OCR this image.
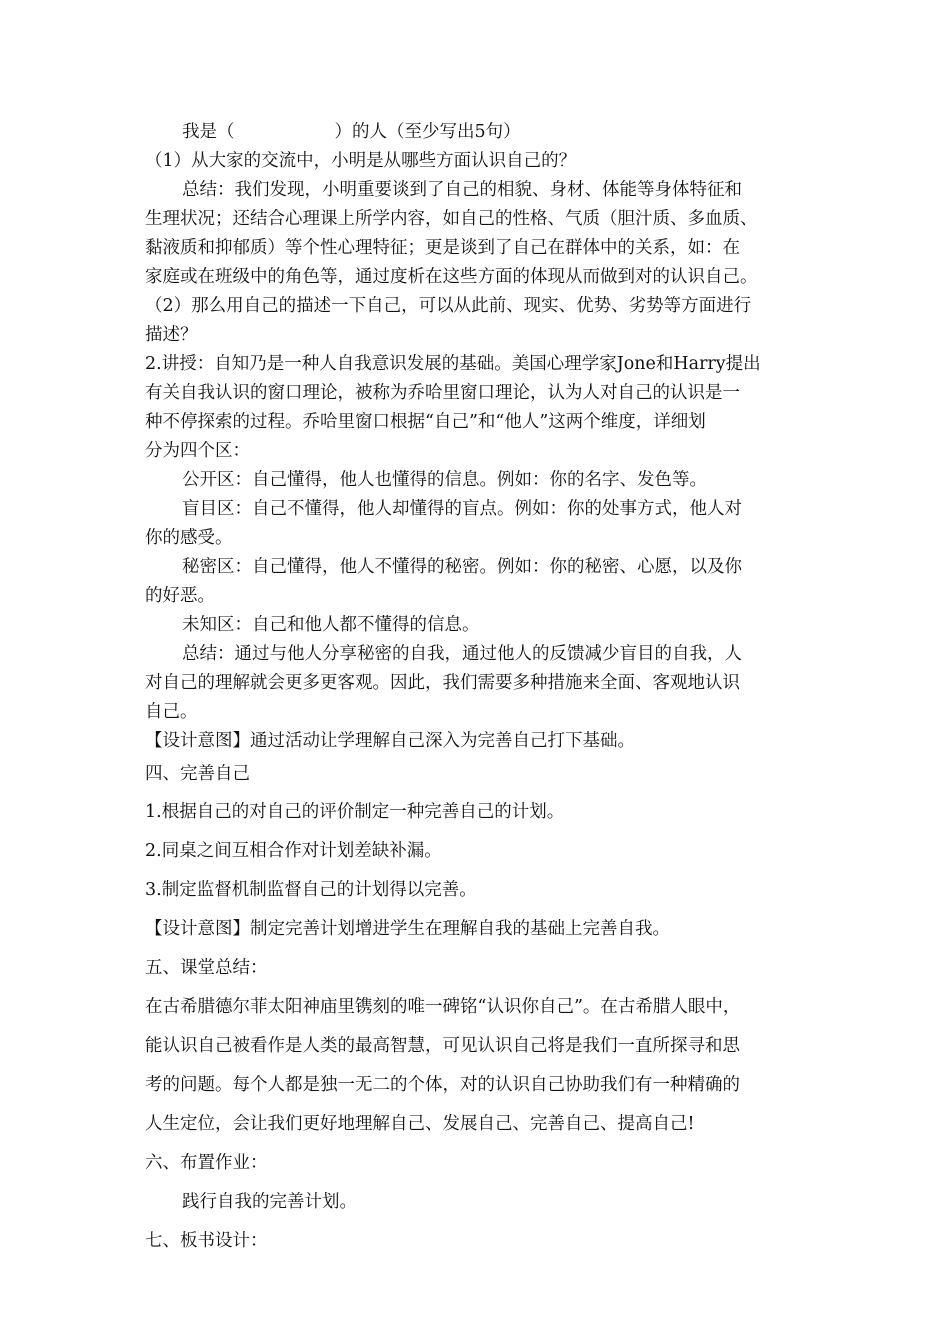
我是（	）的人（至少写出5句）

（1）从大家的交流中，小明是从哪些方面认识自己的？

总结：我们发现，小明重要谈到了自己的相貌、身材、体能等身体特征和

生理状况；还结合心理课上所学内容，如自己的性格、气质（胆汁质、多血质、

黏液质和抑郁质）等个性心理特征；更是谈到了自己在群体中的关系，如：在

家庭或在班级中的角色等，通过度析在这些方面的体现从而做到对的认识自己。

（2）那么用自己的描述一下自己，可以从此前、现实、优势、劣势等方面进行

描述？

2.讲授：自知乃是一种人自我意识发展的基础。美国心理学家Jone和Harry提出

有关自我认识的窗口理论，被称为乔哈里窗口理论，认为人对自己的认识是一

种不停探索的过程。乔哈里窗口根据“自己”和“他人”这两个维度，详细划

分为四个区：

公开区：自己懂得，他人也懂得的信息。例如：你的名字、发色等。

盲目区：自己不懂得，他人却懂得的盲点。例如：你的处事方式，他人对

你的感受。

秘密区：自己懂得，他人不懂得的秘密。例如：你的秘密、心愿，以及你

的好恶。

未知区：自己和他人都不懂得的信息。

总结：通过与他人分享秘密的自我，通过他人的反馈减少盲目的自我，人

对自己的理解就会更多更客观。因此，我们需要多种措施来全面、客观地认识

自己。

【设计意图】通过活动让学理解自己深入为完善自己打下基础。

四、完善自己

1.根据自己的对自己的评价制定一种完善自己的计划。

2.同桌之间互相合作对计划差缺补漏。

3.制定监督机制监督自己的计划得以完善。

【设计意图】制定完善计划增进学生在理解自我的基础上完善自我。

五、课堂总结：

在古希腊德尔菲太阳神庙里镌刻的唯一碑铭“认识你自己”。在古希腊人眼中，

能认识自己被看作是人类的最高智慧，可见认识自己将是我们一直所探寻和思

考的问题。每个人都是独一无二的个体，对的认识自己协助我们有一种精确的

人生定位，会让我们更好地理解自己、发展自己、完善自己、提高自己!

六、布置作业：

践行自我的完善计划。

七、板书设计：
